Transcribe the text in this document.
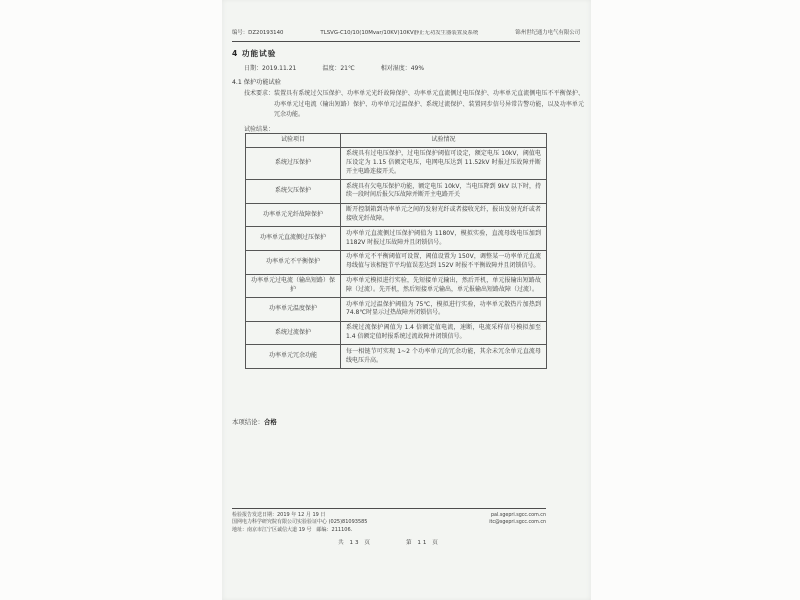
编号：DZ20193140	TLSVG-C10/10(10Mvar/10KV)10KV静止无功发生器装置及系统	锦州世纪通力电气有限公司
4 功能试验
日期：2019.11.21	温度：21℃	相对湿度：49%
4.1 保护功能试验
技术要求： 装置具有系统过欠压保护、功率单元光纤故障保护、功率单元直流侧过电压保护、功率单元直流侧电压不平衡保护、功率单元过电流（输出短路）保护、功率单元过温保护、系统过流保护、装置同步信号异常告警功能，以及功率单元冗余功能。
试验结果：
试验项目	试验情况
系统过压保护	系统具有过电压保护，过电压保护阈值可设定，额定电压 10kV，阈值电压设定为 1.15 倍额定电压，电网电压达到 11.52kV 时报过压故障并断开主电路连接开关。
系统欠压保护	系统具有欠电压保护功能，额定电压 10kV，当电压降到 9kV 以下时，持续一段时间后报欠压故障并断开主电路开关
功率单元光纤故障保护	断开控制箱到功率单元之间的发射光纤或者接收光纤，报出发射光纤或者接收光纤故障。
功率单元直流侧过压保护	功率单元直流侧过压保护阈值为 1180V，模拟实验，直流母线电压加到 1182V 时报过压故障并且闭锁信号。
功率单元不平衡保护	功率单元不平衡阈值可设置，阈值设置为 150V，调整某一功率单元直流母线值与该相链节平均值误差达到 152V 时报不平衡故障并且闭锁信号。
功率单元过电流（输出短路）保护	功率单元模拟进行实验，先短接单元输出，然后开机，单元报输出短路故障（过流）。先开机，然后短接单元输出，单元报输出短路故障（过流）。
功率单元温度保护	功率单元过温保护阈值为 75℃，模拟进行实验，功率单元散热片加热到 74.8℃时显示过热故障并闭锁信号。
系统过流保护	系统过流保护阈值为 1.4 倍额定值电流，速断，电流采样信号模拟加至 1.4 倍额定值时报系统过流故障并闭锁信号。
功率单元冗余功能	每一相链节可实现 1~2 个功率单元的冗余功能，其余未冗余单元直流母线电压升高。
本项结论：合格
检验报告发送日期：2019 年 12 月 19 日
国网电力科学研究院有限公司实验验证中心 (025)81093585
地址：南京市江宁区诚信大道 19 号　邮编：211106.
pal.sgepri.sgcc.com.cn
itc@sgepri.sgcc.com.cn
共 13 页	第 11 页
